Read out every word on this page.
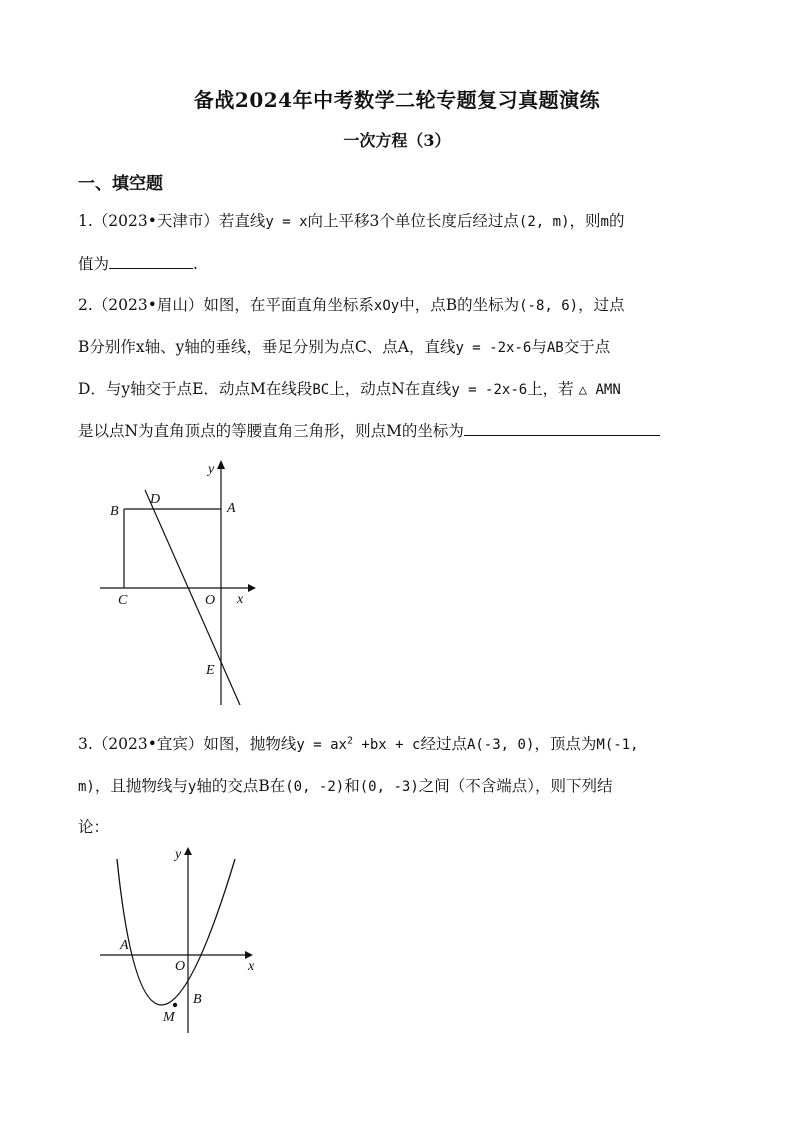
备战2024年中考数学二轮专题复习真题演练
一次方程（3）
一、填空题
1.（2023•天津市）若直线y = x向上平移3个单位长度后经过点(2, m)，则m的
值为	.
2.（2023•眉山）如图，在平面直角坐标系xOy中，点B的坐标为(-8, 6)，过点
B分别作x轴、y轴的垂线，垂足分别为点C、点A，直线y = -2x-6与AB交于点
D．与y轴交于点E．动点M在线段BC上，动点N在直线y = -2x-6上，若 △ AMN
是以点N为直角顶点的等腰直角三角形，则点M的坐标为
y
x
B
D
A
C	O
E
3.（2023•宜宾）如图，抛物线$y = ax^2 +bx + c$经过点A(-3, 0)，顶点为M(-1,
m)，且抛物线与y轴的交点B在(0, -2)和(0, -3)之间（不含端点），则下列结
论：
y
x
A
O
B
M
